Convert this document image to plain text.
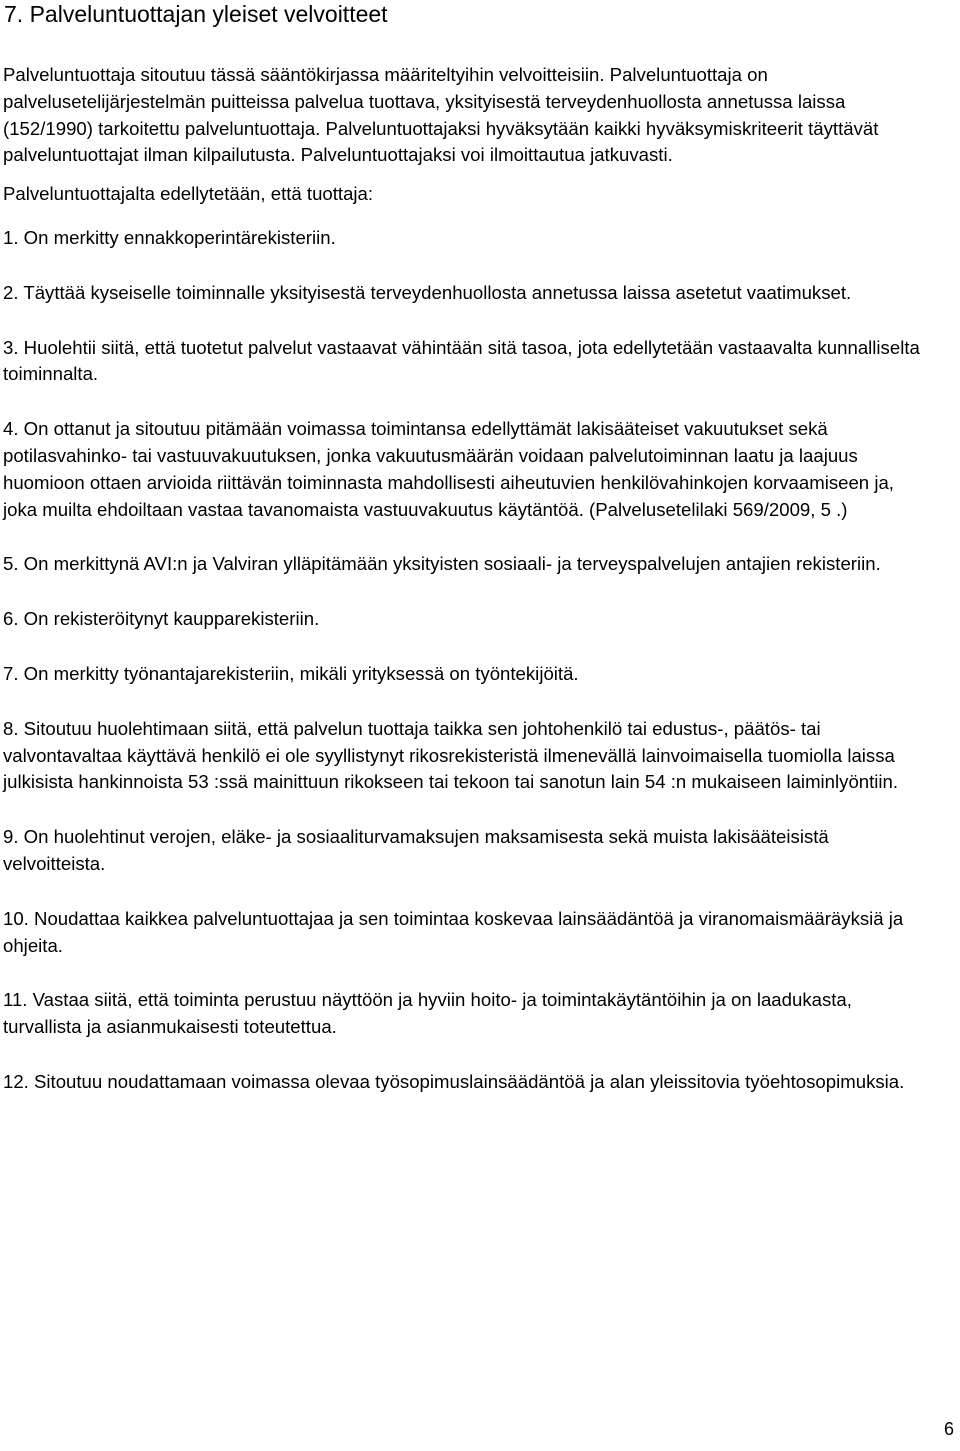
7. Palveluntuottajan yleiset velvoitteet

Palveluntuottaja sitoutuu tässä sääntökirjassa määriteltyihin velvoitteisiin. Palveluntuottaja on palvelusetelijärjestelmän puitteissa palvelua tuottava, yksityisestä terveydenhuollosta annetussa laissa (152/1990) tarkoitettu palveluntuottaja. Palveluntuottajaksi hyväksytään kaikki hyväksymiskriteerit täyttävät palveluntuottajat ilman kilpailutusta. Palveluntuottajaksi voi ilmoittautua jatkuvasti.

Palveluntuottajalta edellytetään, että tuottaja:

1. On merkitty ennakkoperintärekisteriin.

2. Täyttää kyseiselle toiminnalle yksityisestä terveydenhuollosta annetussa laissa asetetut vaatimukset.

3. Huolehtii siitä, että tuotetut palvelut vastaavat vähintään sitä tasoa, jota edellytetään vastaavalta kunnalliselta toiminnalta.

4. On ottanut ja sitoutuu pitämään voimassa toimintansa edellyttämät lakisääteiset vakuutukset sekä potilasvahinko- tai vastuuvakuutuksen, jonka vakuutusmäärän voidaan palvelutoiminnan laatu ja laajuus huomioon ottaen arvioida riittävän toiminnasta mahdollisesti aiheutuvien henkilövahinkojen korvaamiseen ja, joka muilta ehdoiltaan vastaa tavanomaista vastuuvakuutus käytäntöä. (Palvelusetelilaki 569/2009, 5 .)

5. On merkittynä AVI:n ja Valviran ylläpitämään yksityisten sosiaali- ja terveyspalvelujen antajien rekisteriin.

6. On rekisteröitynyt kaupparekisteriin.

7. On merkitty työnantajarekisteriin, mikäli yrityksessä on työntekijöitä.

8. Sitoutuu huolehtimaan siitä, että palvelun tuottaja taikka sen johtohenkilö tai edustus-, päätös- tai valvontavaltaa käyttävä henkilö ei ole syyllistynyt rikosrekisteristä ilmenevällä lainvoimaisella tuomiolla laissa julkisista hankinnoista 53 :ssä mainittuun rikokseen tai tekoon tai sanotun lain 54 :n mukaiseen laiminlyöntiin.

9. On huolehtinut verojen, eläke- ja sosiaaliturvamaksujen maksamisesta sekä muista lakisääteisistä velvoitteista.

10. Noudattaa kaikkea palveluntuottajaa ja sen toimintaa koskevaa lainsäädäntöä ja viranomaismääräyksiä ja ohjeita.

11. Vastaa siitä, että toiminta perustuu näyttöön ja hyviin hoito- ja toimintakäytäntöihin ja on laadukasta, turvallista ja asianmukaisesti toteutettua.

12. Sitoutuu noudattamaan voimassa olevaa työsopimuslainsäädäntöä ja alan yleissitovia työehtosopimuksia.

6
